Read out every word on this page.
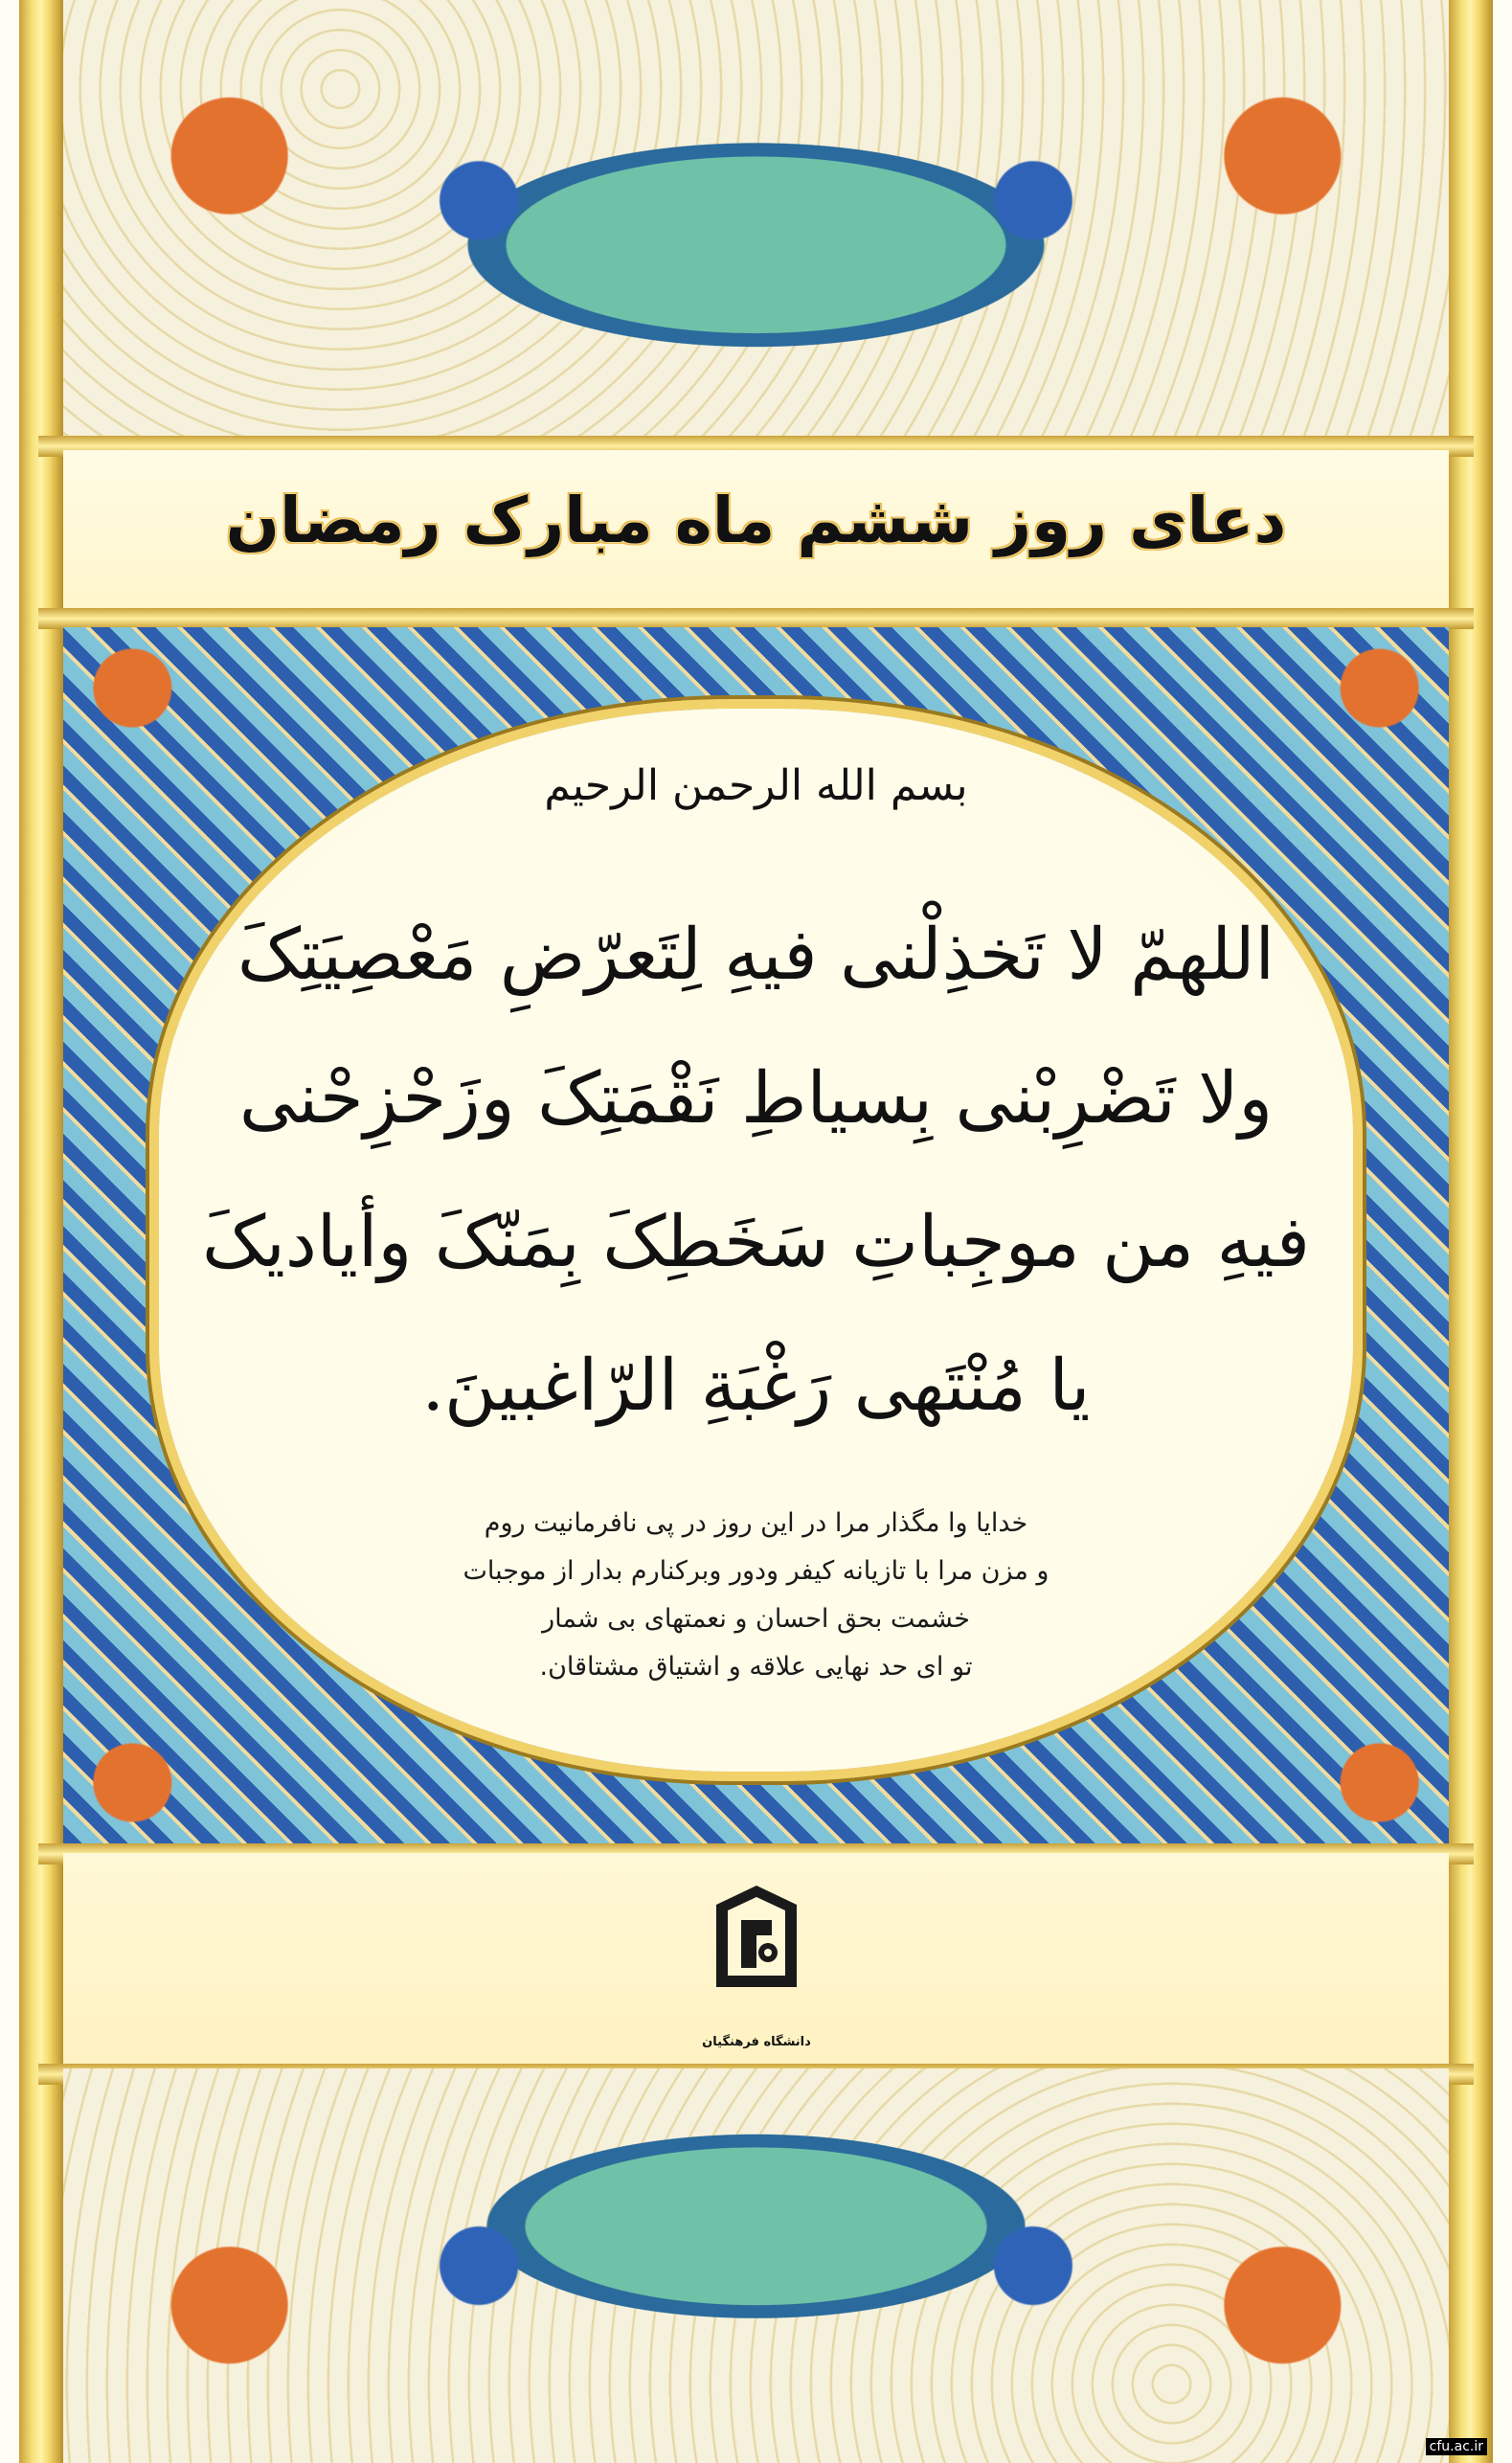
دعای روز ششم ماه مبارک رمضان
بسم الله الرحمن الرحیم
اللهمّ لا تَخذِلْنی فیهِ لِتَعرّضِ مَعْصِیَتِکَ
ولا تَضْرِبْنی بِسیاطِ نَقْمَتِکَ وزَحْزِحْنی
فیهِ من موجِباتِ سَخَطِکَ بِمَنّکَ وأیادیکَ
یا مُنْتَهی رَغْبَةِ الرّاغبینَ.
خدایا وا مگذار مرا در این روز در پی نافرمانیت روم
و مزن مرا با تازیانه کیفر ودور وبرکنارم بدار از موجبات
خشمت بحق احسان و نعمتهای بی شمار
تو ای حد نهایی علاقه و اشتیاق مشتاقان.
دانشگاه فرهنگیان
cfu.ac.ir
